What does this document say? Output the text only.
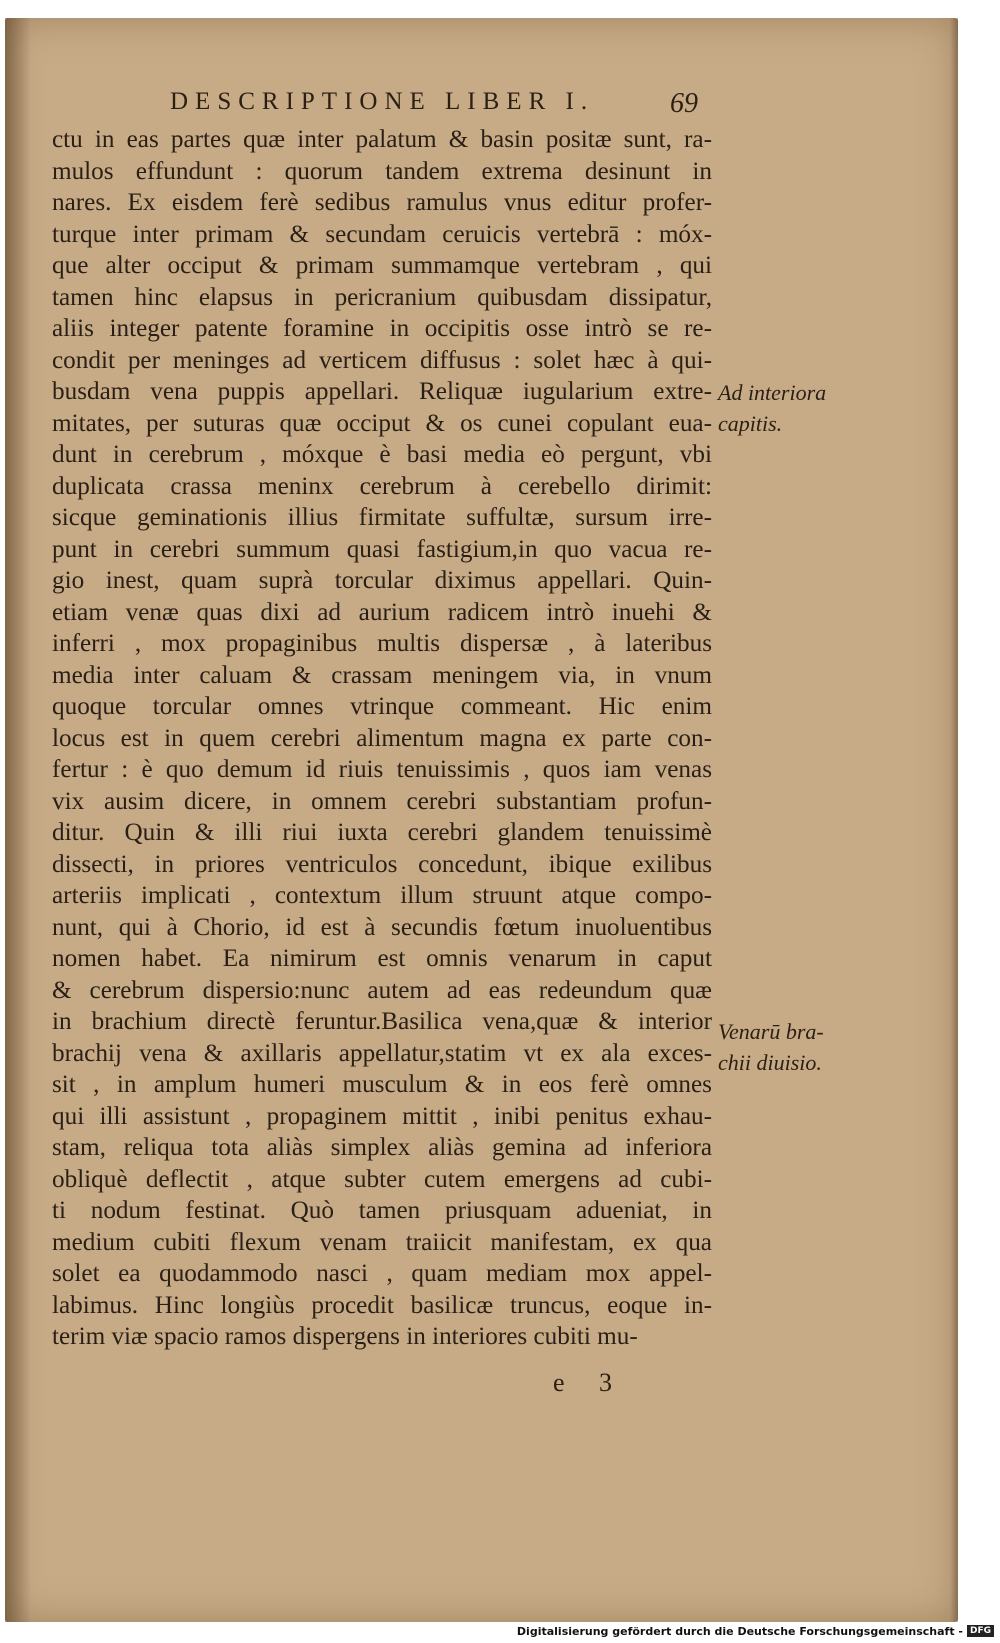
DESCRIPTIONE LIBER I.	69
ctu in eas partes quæ inter palatum & basin positæ sunt, ra-
mulos effundunt : quorum tandem extrema desinunt in
nares. Ex eisdem ferè sedibus ramulus vnus editur profer-
turque inter primam & secundam ceruicis vertebrā : móx-
que alter occiput & primam summamque vertebram , qui
tamen hinc elapsus in pericranium quibusdam dissipatur,
aliis integer patente foramine in occipitis osse intrò se re-
condit per meninges ad verticem diffusus : solet hæc à qui-
busdam vena puppis appellari. Reliquæ iugularium extre-
mitates, per suturas quæ occiput & os cunei copulant eua-
dunt in cerebrum , móxque è basi media eò pergunt, vbi
duplicata crassa meninx cerebrum à cerebello dirimit:
sicque geminationis illius firmitate suffultæ, sursum irre-
punt in cerebri summum quasi fastigium,in quo vacua re-
gio inest, quam suprà torcular diximus appellari. Quin-
etiam venæ quas dixi ad aurium radicem intrò inuehi &
inferri , mox propaginibus multis dispersæ , à lateribus
media inter caluam & crassam meningem via, in vnum
quoque torcular omnes vtrinque commeant. Hic enim
locus est in quem cerebri alimentum magna ex parte con-
fertur : è quo demum id riuis tenuissimis , quos iam venas
vix ausim dicere, in omnem cerebri substantiam profun-
ditur. Quin & illi riui iuxta cerebri glandem tenuissimè
dissecti, in priores ventriculos concedunt, ibique exilibus
arteriis implicati , contextum illum struunt atque compo-
nunt, qui à Chorio, id est à secundis fœtum inuoluentibus
nomen habet. Ea nimirum est omnis venarum in caput
& cerebrum dispersio:nunc autem ad eas redeundum quæ
in brachium directè feruntur.Basilica vena,quæ & interior
brachij vena & axillaris appellatur,statim vt ex ala exces-
sit , in amplum humeri musculum & in eos ferè omnes
qui illi assistunt , propaginem mittit , inibi penitus exhau-
stam, reliqua tota aliàs simplex aliàs gemina ad inferiora
obliquè deflectit , atque subter cutem emergens ad cubi-
ti nodum festinat. Quò tamen priusquam adueniat, in
medium cubiti flexum venam traiicit manifestam, ex qua
solet ea quodammodo nasci , quam mediam mox appel-
labimus. Hinc longiùs procedit basilicæ truncus, eoque in-
terim viæ spacio ramos dispergens in interiores cubiti mu-
Ad interiora
capitis.
Venarū bra-
chii diuisio.
e 3
Digitalisierung gefördert durch die Deutsche Forschungsgemeinschaft - DFG
